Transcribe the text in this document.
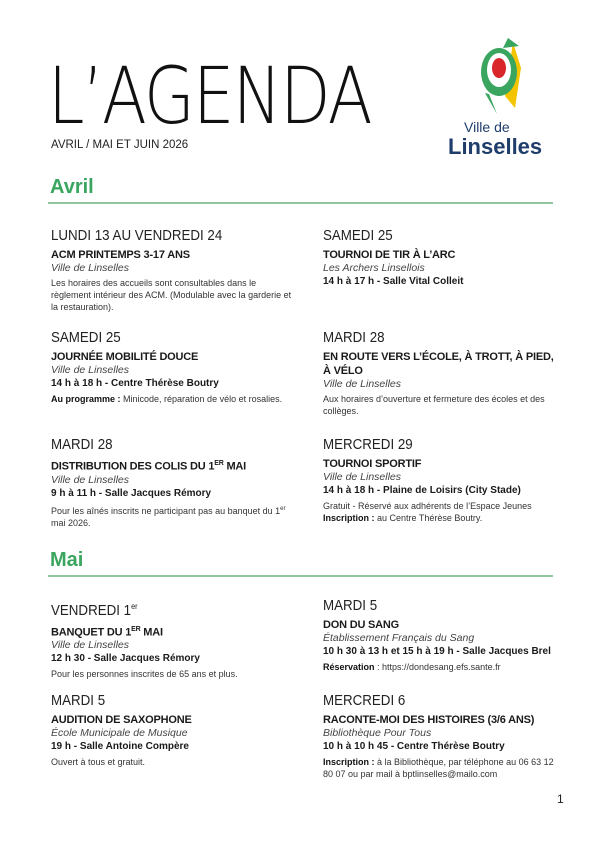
L’AGENDA
AVRIL / MAI ET JUIN 2026
Ville de
Linselles
Avril
LUNDI 13 AU VENDREDI 24
ACM PRINTEMPS 3-17 ANS
Ville de Linselles
Les horaires des accueils sont consultables dans le règlement intérieur des ACM. (Modulable avec la garderie et la restauration).
SAMEDI 25
TOURNOI DE TIR À L’ARC
Les Archers Linsellois
14 h à 17 h - Salle Vital Colleit
SAMEDI 25
JOURNÉE MOBILITÉ DOUCE
Ville de Linselles
14 h à 18 h - Centre Thérèse Boutry
Au programme : Minicode, réparation de vélo et rosalies.
MARDI 28
EN ROUTE VERS L’ÉCOLE, À TROTT, À PIED, À VÉLO
Ville de Linselles
Aux horaires d’ouverture et fermeture des écoles et des collèges.
MARDI 28
DISTRIBUTION DES COLIS DU 1ER MAI
Ville de Linselles
9 h à 11 h - Salle Jacques Rémory
Pour les aînés inscrits ne participant pas au banquet du 1er mai 2026.
MERCREDI 29
TOURNOI SPORTIF
Ville de Linselles
14 h à 18 h - Plaine de Loisirs (City Stade)
Gratuit - Réservé aux adhérents de l’Espace Jeunes
Inscription : au Centre Thérèse Boutry.
Mai
VENDREDI 1er
BANQUET DU 1ER MAI
Ville de Linselles
12 h 30 - Salle Jacques Rémory
Pour les personnes inscrites de 65 ans et plus.
MARDI 5
DON DU SANG
Établissement Français du Sang
10 h 30 à 13 h et 15 h à 19 h - Salle Jacques Brel
Réservation : https://dondesang.efs.sante.fr
MARDI 5
AUDITION DE SAXOPHONE
École Municipale de Musique
19 h - Salle Antoine Compère
Ouvert à tous et gratuit.
MERCREDI 6
RACONTE-MOI DES HISTOIRES (3/6 ANS)
Bibliothèque Pour Tous
10 h à 10 h 45 - Centre Thérèse Boutry
Inscription : à la Bibliothèque, par téléphone au 06 63 12 80 07 ou par mail à bptlinselles@mailo.com
1
